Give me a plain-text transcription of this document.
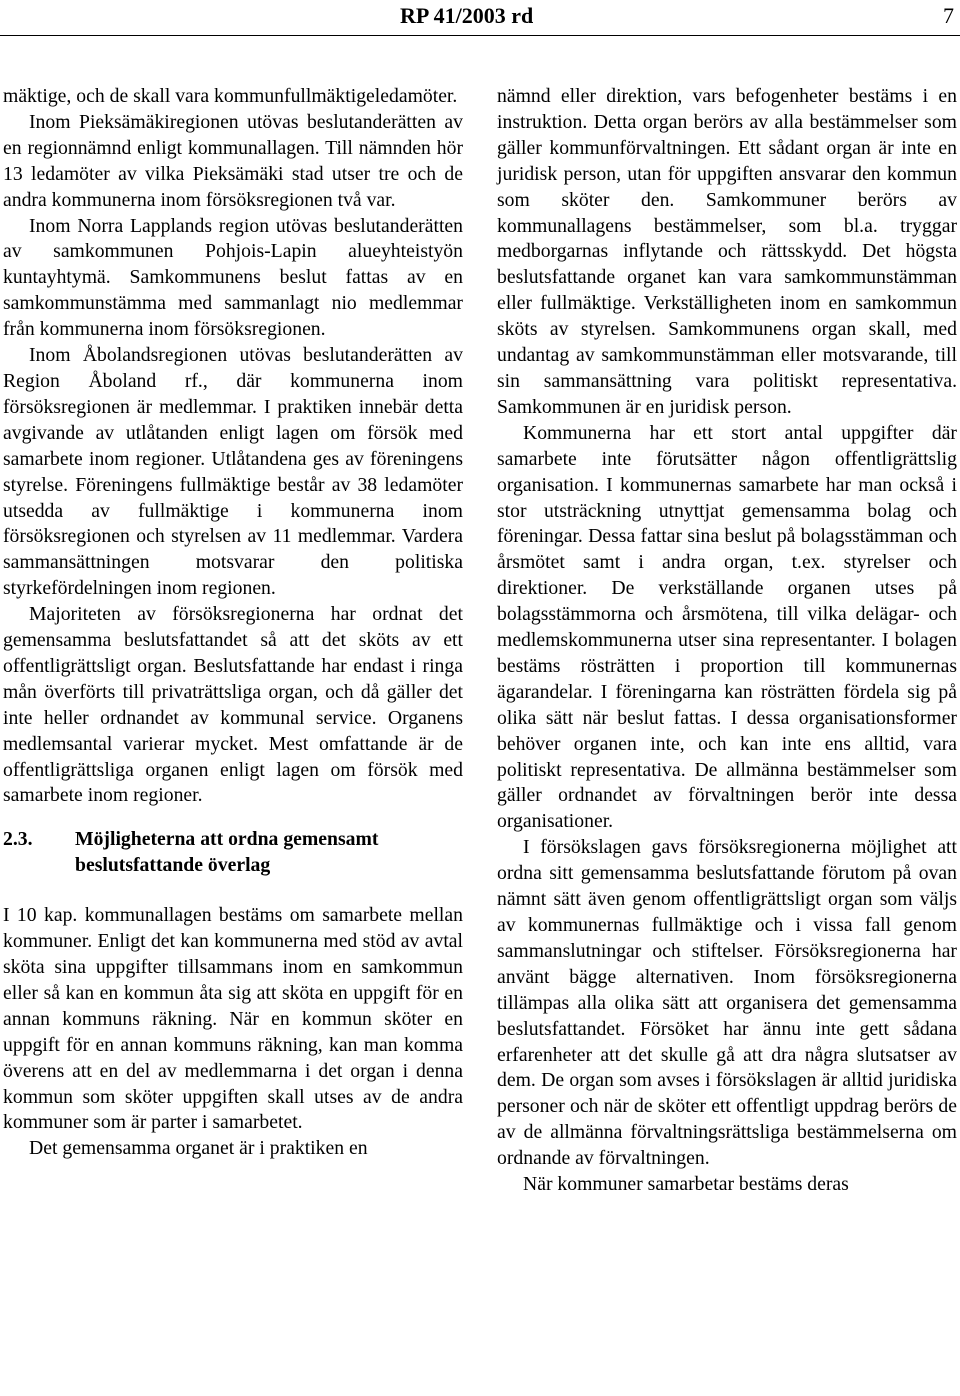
RP 41/2003 rd	7

mäktige, och de skall vara kommunfullmäktigeledamöter.

Inom Pieksämäkiregionen utövas beslutanderätten av en regionnämnd enligt kommunallagen. Till nämnden hör 13 ledamöter av vilka Pieksämäki stad utser tre och de andra kommunerna inom försöksregionen två var.

Inom Norra Lapplands region utövas beslutanderätten av samkommunen Pohjois-Lapin alueyhteistyön kuntayhtymä. Samkommunens beslut fattas av en samkommunstämma med sammanlagt nio medlemmar från kommunerna inom försöksregionen.

Inom Åbolandsregionen utövas beslutanderätten av Region Åboland rf., där kommunerna inom försöksregionen är medlemmar. I praktiken innebär detta avgivande av utlåtanden enligt lagen om försök med samarbete inom regioner. Utlåtandena ges av föreningens styrelse. Föreningens fullmäktige består av 38 ledamöter utsedda av fullmäktige i kommunerna inom försöksregionen och styrelsen av 11 medlemmar. Vardera sammansättningen motsvarar den politiska styrkefördelningen inom regionen.

Majoriteten av försöksregionerna har ordnat det gemensamma beslutsfattandet så att det sköts av ett offentligrättsligt organ. Beslutsfattande har endast i ringa mån överförts till privaträttsliga organ, och då gäller det inte heller ordnandet av kommunal service. Organens medlemsantal varierar mycket. Mest omfattande är de offentligrättsliga organen enligt lagen om försök med samarbete inom regioner.

2.3.	Möjligheterna att ordna gemensamt beslutsfattande överlag

I 10 kap. kommunallagen bestäms om samarbete mellan kommuner. Enligt det kan kommunerna med stöd av avtal sköta sina uppgifter tillsammans inom en samkommun eller så kan en kommun åta sig att sköta en uppgift för en annan kommuns räkning. När en kommun sköter en uppgift för en annan kommuns räkning, kan man komma överens att en del av medlemmarna i det organ i denna kommun som sköter uppgiften skall utses av de andra kommuner som är parter i samarbetet.

Det gemensamma organet är i praktiken en

nämnd eller direktion, vars befogenheter bestäms i en instruktion. Detta organ berörs av alla bestämmelser som gäller kommunförvaltningen. Ett sådant organ är inte en juridisk person, utan för uppgiften ansvarar den kommun som sköter den. Samkommuner berörs av kommunallagens bestämmelser, som bl.a. tryggar medborgarnas inflytande och rättsskydd. Det högsta beslutsfattande organet kan vara samkommunstämman eller fullmäktige. Verkställigheten inom en samkommun sköts av styrelsen. Samkommunens organ skall, med undantag av samkommunstämman eller motsvarande, till sin sammansättning vara politiskt representativa. Samkommunen är en juridisk person.

Kommunerna har ett stort antal uppgifter där samarbete inte förutsätter någon offentligrättslig organisation. I kommunernas samarbete har man också i stor utsträckning utnyttjat gemensamma bolag och föreningar. Dessa fattar sina beslut på bolagsstämman och årsmötet samt i andra organ, t.ex. styrelser och direktioner. De verkställande organen utses på bolagsstämmorna och årsmötena, till vilka delägar- och medlemskommunerna utser sina representanter. I bolagen bestäms rösträtten i proportion till kommunernas ägarandelar. I föreningarna kan rösträtten fördela sig på olika sätt när beslut fattas. I dessa organisationsformer behöver organen inte, och kan inte ens alltid, vara politiskt representativa. De allmänna bestämmelser som gäller ordnandet av förvaltningen berör inte dessa organisationer.

I försökslagen gavs försöksregionerna möjlighet att ordna sitt gemensamma beslutsfattande förutom på ovan nämnt sätt även genom offentligrättsligt organ som väljs av kommunernas fullmäktige och i vissa fall genom sammanslutningar och stiftelser. Försöksregionerna har använt bägge alternativen. Inom försöksregionerna tillämpas alla olika sätt att organisera det gemensamma beslutsfattandet. Försöket har ännu inte gett sådana erfarenheter att det skulle gå att dra några slutsatser av dem. De organ som avses i försökslagen är alltid juridiska personer och när de sköter ett offentligt uppdrag berörs de av de allmänna förvaltningsrättsliga bestämmelserna om ordnande av förvaltningen.

När kommuner samarbetar bestäms deras
